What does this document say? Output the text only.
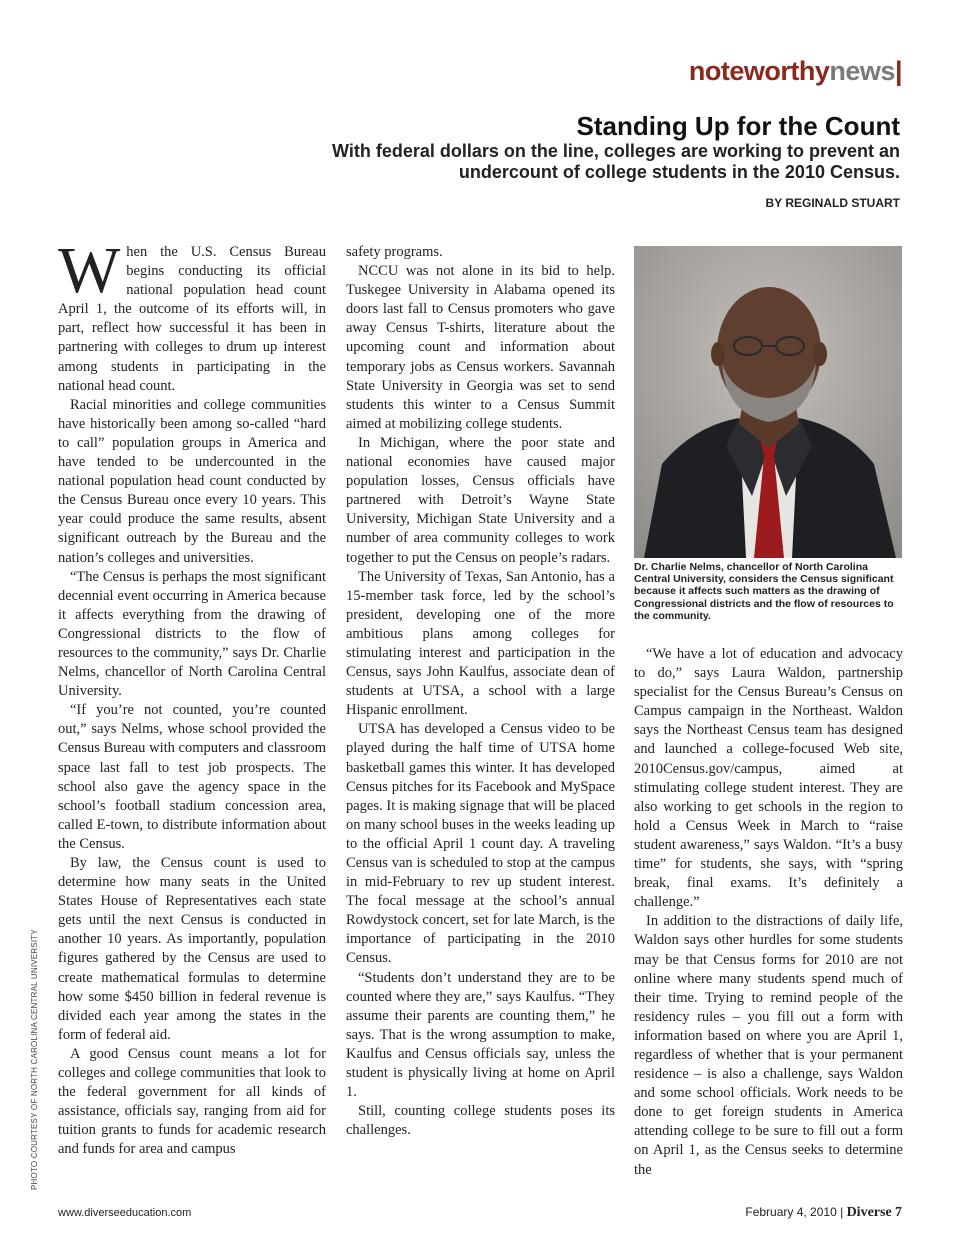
noteworthynews|
Standing Up for the Count
With federal dollars on the line, colleges are working to prevent an undercount of college students in the 2010 Census.
BY REGINALD STUART

When the U.S. Census Bureau begins conducting its official national population head count April 1, the outcome of its efforts will, in part, reflect how successful it has been in partnering with colleges to drum up interest among students in participating in the national head count.

Racial minorities and college communities have historically been among so-called “hard to call” population groups in America and have tended to be undercounted in the national population head count conducted by the Census Bureau once every 10 years. This year could produce the same results, absent significant outreach by the Bureau and the nation’s colleges and universities.

“The Census is perhaps the most significant decennial event occurring in America because it affects everything from the drawing of Congressional districts to the flow of resources to the community,” says Dr. Charlie Nelms, chancellor of North Carolina Central University.

“If you’re not counted, you’re counted out,” says Nelms, whose school provided the Census Bureau with computers and classroom space last fall to test job prospects. The school also gave the agency space in the school’s football stadium concession area, called E-town, to distribute information about the Census.

By law, the Census count is used to determine how many seats in the United States House of Representatives each state gets until the next Census is conducted in another 10 years. As importantly, population figures gathered by the Census are used to create mathematical formulas to determine how some $450 billion in federal revenue is divided each year among the states in the form of federal aid.

A good Census count means a lot for colleges and college communities that look to the federal government for all kinds of assistance, officials say, ranging from aid for tuition grants to funds for academic research and funds for area and campus

safety programs.

NCCU was not alone in its bid to help. Tuskegee University in Alabama opened its doors last fall to Census promoters who gave away Census T-shirts, literature about the upcoming count and information about temporary jobs as Census workers. Savannah State University in Georgia was set to send students this winter to a Census Summit aimed at mobilizing college students.

In Michigan, where the poor state and national economies have caused major population losses, Census officials have partnered with Detroit’s Wayne State University, Michigan State University and a number of area community colleges to work together to put the Census on people’s radars.

The University of Texas, San Antonio, has a 15-member task force, led by the school’s president, developing one of the more ambitious plans among colleges for stimulating interest and participation in the Census, says John Kaulfus, associate dean of students at UTSA, a school with a large Hispanic enrollment.

UTSA has developed a Census video to be played during the half time of UTSA home basketball games this winter. It has developed Census pitches for its Facebook and MySpace pages. It is making signage that will be placed on many school buses in the weeks leading up to the official April 1 count day. A traveling Census van is scheduled to stop at the campus in mid-February to rev up student interest. The focal message at the school’s annual Rowdystock concert, set for late March, is the importance of participating in the 2010 Census.

“Students don’t understand they are to be counted where they are,” says Kaulfus. “They assume their parents are counting them,” he says. That is the wrong assumption to make, Kaulfus and Census officials say, unless the student is physically living at home on April 1.

Still, counting college students poses its challenges.

Dr. Charlie Nelms, chancellor of North Carolina Central University, considers the Census significant because it affects such matters as the drawing of Congressional districts and the flow of resources to the community.

“We have a lot of education and advocacy to do,” says Laura Waldon, partnership specialist for the Census Bureau’s Census on Campus campaign in the Northeast. Waldon says the Northeast Census team has designed and launched a college-focused Web site, 2010Census.gov/campus, aimed at stimulating college student interest. They are also working to get schools in the region to hold a Census Week in March to “raise student awareness,” says Waldon. “It’s a busy time” for students, she says, with “spring break, final exams. It’s definitely a challenge.”

In addition to the distractions of daily life, Waldon says other hurdles for some students may be that Census forms for 2010 are not online where many students spend much of their time. Trying to remind people of the residency rules – you fill out a form with information based on where you are April 1, regardless of whether that is your permanent residence – is also a challenge, says Waldon and some school officials. Work needs to be done to get foreign students in America attending college to be sure to fill out a form on April 1, as the Census seeks to determine the

PHOTO COURTESY OF NORTH CAROLINA CENTRAL UNIVERSITY
www.diverseeducation.com	February 4, 2010 | Diverse 7
